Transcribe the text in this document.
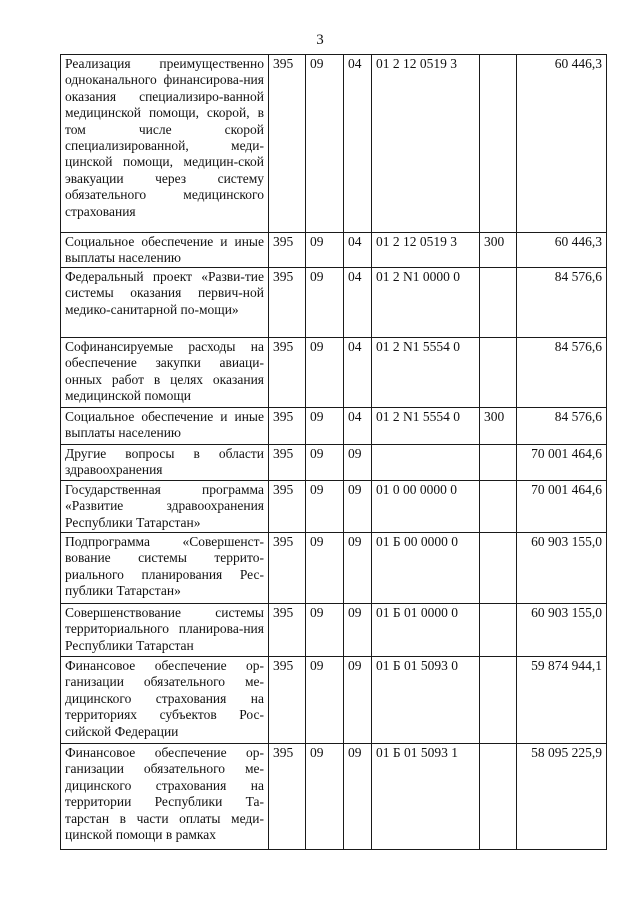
3
Реализация преимущественно одноканального финансирова-ния оказания специализиро-ванной медицинской помощи, скорой, в том числе скорой специализированной, меди-цинской помощи, медицин-ской эвакуации через систему обязательного медицинского страхования	395	09	04	01 2 12 0519 3		60 446,3
Социальное обеспечение и иные выплаты населению	395	09	04	01 2 12 0519 3	300	60 446,3
Федеральный проект «Разви-тие системы оказания первич-ной медико-санитарной по-мощи»	395	09	04	01 2 N1 0000 0		84 576,6
Софинансируемые расходы на обеспечение закупки авиаци-онных работ в целях оказания медицинской помощи	395	09	04	01 2 N1 5554 0		84 576,6
Социальное обеспечение и иные выплаты населению	395	09	04	01 2 N1 5554 0	300	84 576,6
Другие вопросы в области здравоохранения	395	09	09			70 001 464,6
Государственная программа «Развитие здравоохранения Республики Татарстан»	395	09	09	01 0 00 0000 0		70 001 464,6
Подпрограмма «Совершенст-вование системы террито-риального планирования Рес-публики Татарстан»	395	09	09	01 Б 00 0000 0		60 903 155,0
Совершенствование системы территориального планирова-ния Республики Татарстан	395	09	09	01 Б 01 0000 0		60 903 155,0
Финансовое обеспечение ор-ганизации обязательного ме-дицинского страхования на территориях субъектов Рос-сийской Федерации	395	09	09	01 Б 01 5093 0		59 874 944,1
Финансовое обеспечение ор-ганизации обязательного ме-дицинского страхования на территории Республики Та-тарстан в части оплаты меди-цинской помощи в рамках	395	09	09	01 Б 01 5093 1		58 095 225,9
